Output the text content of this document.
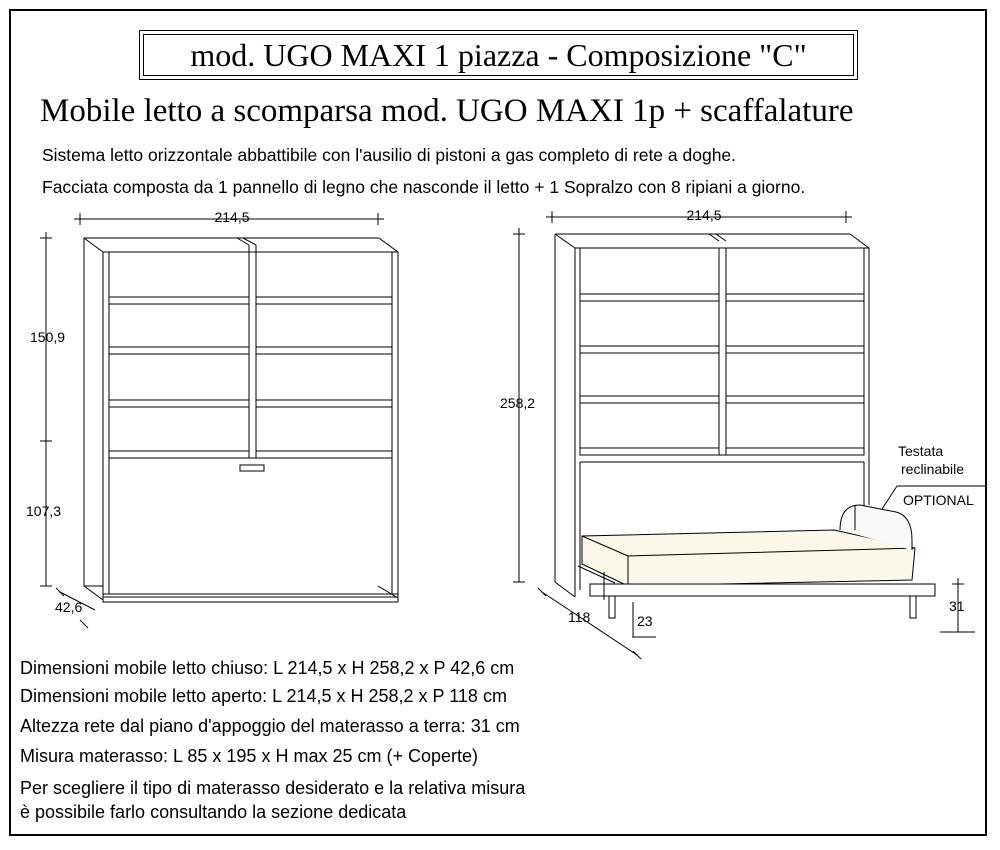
mod. UGO MAXI 1 piazza - Composizione "C"
Mobile letto a scomparsa mod. UGO MAXI 1p + scaffalature

Sistema letto orizzontale abbattibile con l'ausilio di pistoni a gas completo di rete a doghe.

Facciata composta da 1 pannello di legno che nasconde il letto + 1 Sopralzo con 8 ripiani a giorno.

214,5
150,9
107,3
42,6
214,5
258,2
Testata
reclinabile
OPTIONAL
31
23
118

Dimensioni mobile letto chiuso: L 214,5 x H 258,2 x P 42,6 cm

Dimensioni mobile letto aperto: L 214,5 x H 258,2 x P 118 cm

Altezza rete dal piano d'appoggio del materasso a terra: 31 cm

Misura materasso: L 85 x 195 x H max 25 cm (+ Coperte)

Per scegliere il tipo di materasso desiderato e la relativa misura

è possibile farlo consultando la sezione dedicata
